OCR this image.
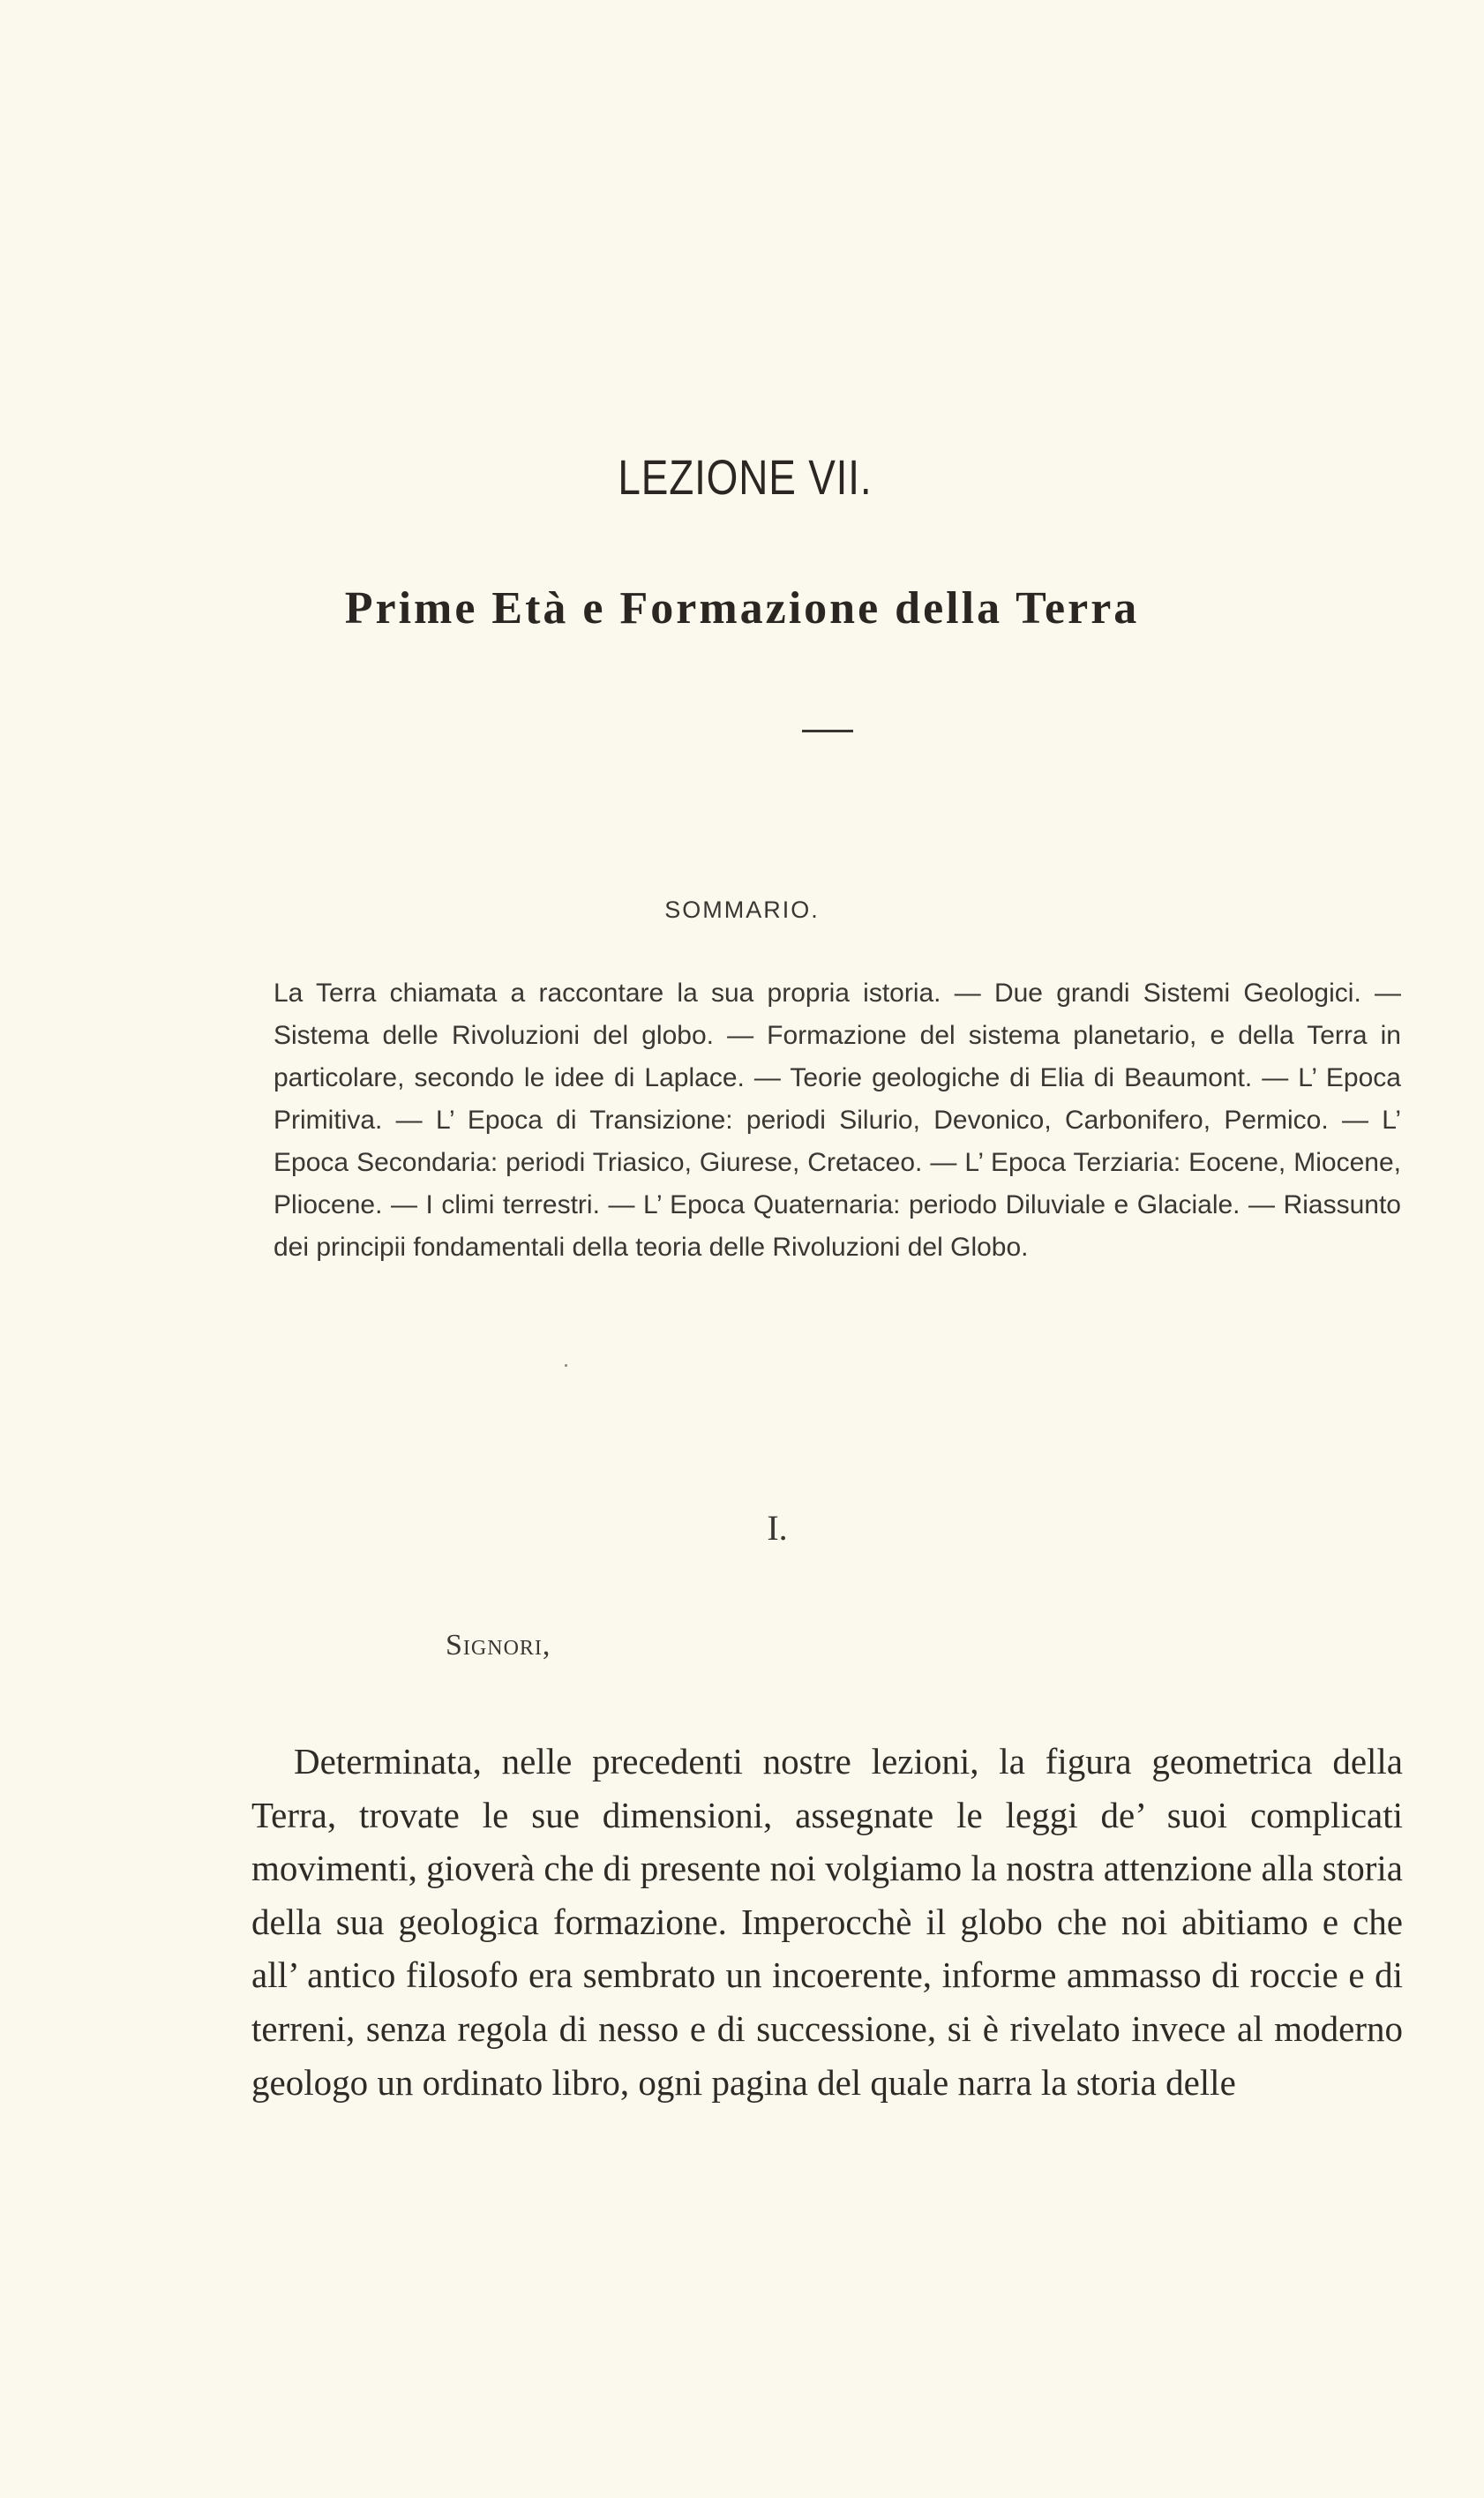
LEZIONE VII.
Prime Età e Formazione della Terra
SOMMARIO.

La Terra chiamata a raccontare la sua propria istoria. — Due grandi Sistemi Geologici. — Sistema delle Rivoluzioni del globo. — Formazione del sistema planetario, e della Terra in particolare, secondo le idee di Laplace. — Teorie geologiche di Elia di Beaumont. — L’ Epoca Primitiva. — L’ Epoca di Transizione: periodi Silurio, Devonico, Carbonifero, Permico. — L’ Epoca Secondaria: periodi Triasico, Giurese, Cretaceo. — L’ Epoca Terziaria: Eocene, Miocene, Pliocene. — I climi terrestri. — L’ Epoca Quaternaria: periodo Diluviale e Glaciale. — Riassunto dei principii fondamentali della teoria delle Rivoluzioni del Globo.

I.
Signori,

Determinata, nelle precedenti nostre lezioni, la figura geometrica della Terra, trovate le sue dimensioni, assegnate le leggi de’ suoi complicati movimenti, gioverà che di presente noi volgiamo la nostra attenzione alla storia della sua geologica formazione. Imperocchè il globo che noi abitiamo e che all’ antico filosofo era sembrato un incoerente, informe ammasso di roccie e di terreni, senza regola di nesso e di successione, si è rivelato invece al moderno geologo un ordinato libro, ogni pagina del quale narra la storia delle
